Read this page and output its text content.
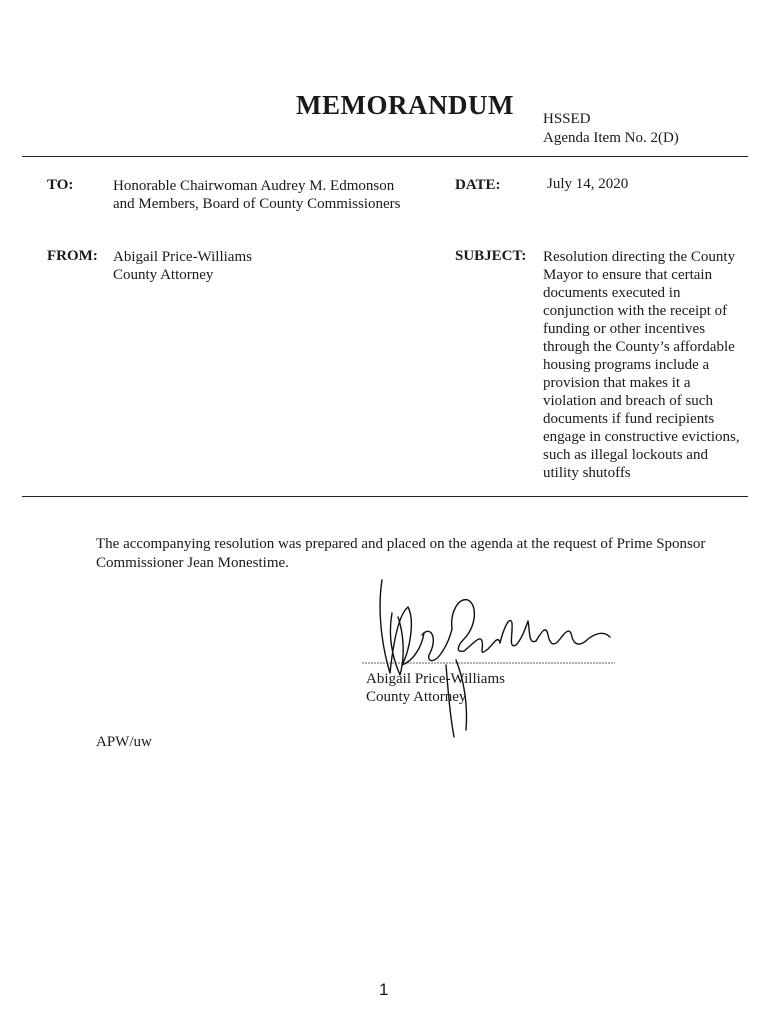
MEMORANDUM HSSED
Agenda Item No. 2(D)
TO:	Honorable Chairwoman Audrey M. Edmonson
and Members, Board of County Commissioners
DATE:	July 14, 2020
FROM: Abigail Price-Williams
County Attorney
SUBJECT: Resolution directing the County
Mayor to ensure that certain
documents executed in
conjunction with the receipt of
funding or other incentives
through the County’s affordable
housing programs include a
provision that makes it a
violation and breach of such
documents if fund recipients
engage in constructive evictions,
such as illegal lockouts and
utility shutoffs
The accompanying resolution was prepared and placed on the agenda at the request of Prime Sponsor
Commissioner Jean Monestime.
Abigail Price-Williams
County Attorney
APW/uw
1
